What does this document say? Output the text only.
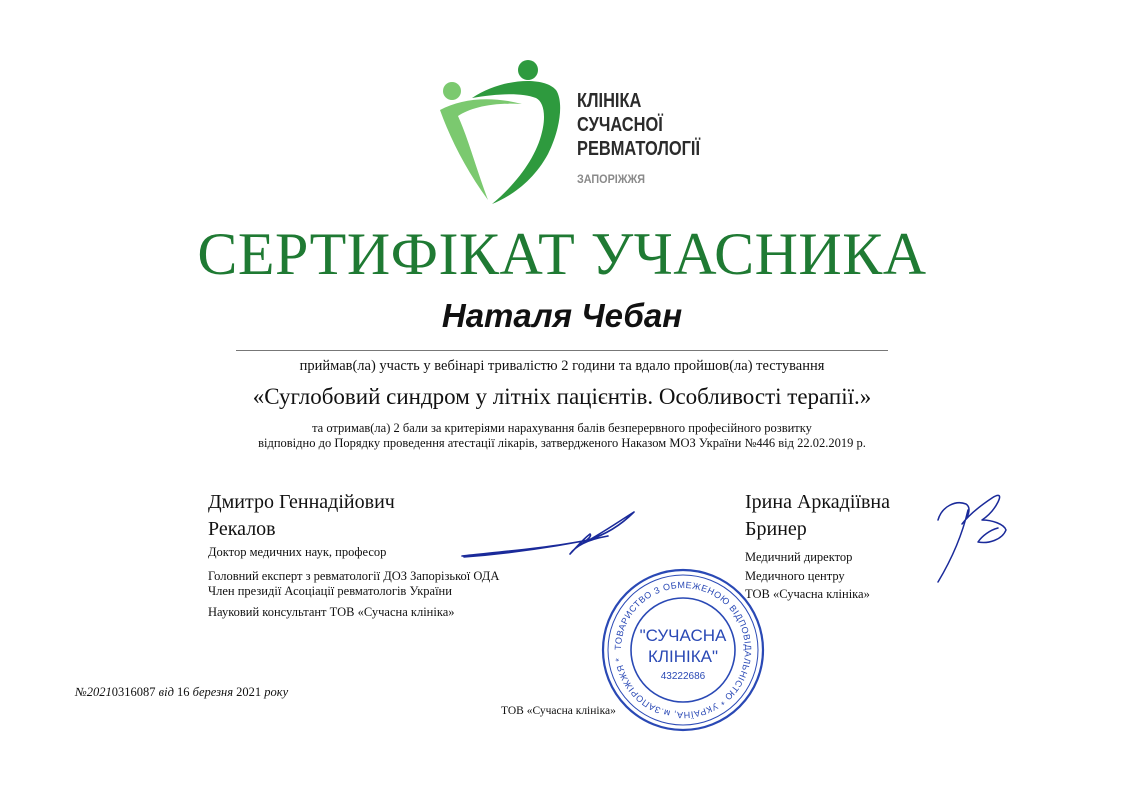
КЛІНІКА
СУЧАСНОЇ
РЕВМАТОЛОГІЇ
ЗАПОРІЖЖЯ
СЕРТИФІКАТ УЧАСНИКА
Наталя Чебан
приймав(ла) участь у вебінарі тривалістю 2 години та вдало пройшов(ла) тестування
«Суглобовий синдром у літніх пацієнтів. Особливості терапії.»
та отримав(ла) 2 бали за критеріями нарахування балів безперервного професійного розвитку
відповідно до Порядку проведення атестації лікарів, затвердженого Наказом МОЗ України №446 від 22.02.2019 р.
Дмитро Геннадійович
Рекалов
Доктор медичних наук, професор
Головний експерт з ревматології ДОЗ Запорізької ОДА
Член президії Асоціації ревматологів України
Науковий консультант ТОВ «Сучасна клініка»
Ірина Аркадіївна
Бринер
Медичний директор
Медичного центру
ТОВ «Сучасна клініка»
ТОВАРИСТВО З ОБМЕЖЕНОЮ ВІДПОВІДАЛЬНІСТЮ * УКРАЇНА, м.ЗАПОРІЖЖЯ *
"СУЧАСНА
КЛІНІКА"
43222686
№20210316087 від 16 березня 2021 року
ТОВ «Сучасна клініка»
